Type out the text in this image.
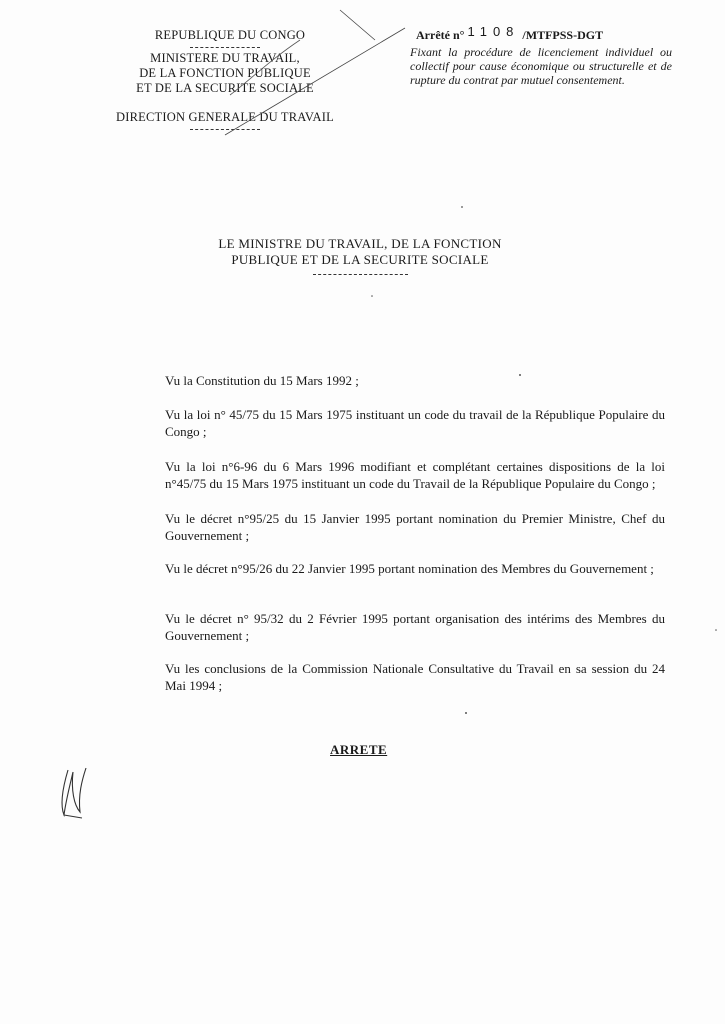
REPUBLIQUE DU CONGO
MINISTERE DU TRAVAIL,
DE LA FONCTION PUBLIQUE
ET DE LA SECURITE SOCIALE
DIRECTION GENERALE DU TRAVAIL
Arrêté n° 1108 /MTFPSS-DGT
Fixant la procédure de licenciement individuel ou collectif pour cause économique ou structurelle et de rupture du contrat par mutuel consentement.
LE MINISTRE DU TRAVAIL, DE LA FONCTION
PUBLIQUE ET DE LA SECURITE SOCIALE
Vu la Constitution du 15 Mars 1992 ;
Vu la loi n° 45/75 du 15 Mars 1975 instituant un code du travail de la République Populaire du Congo ;
Vu la loi n°6-96 du 6 Mars 1996 modifiant et complétant certaines dispositions de la loi n°45/75 du 15 Mars 1975 instituant un code du Travail de la République Populaire du Congo ;
Vu le décret n°95/25 du 15 Janvier 1995 portant nomination du Premier Ministre, Chef du Gouvernement ;
Vu le décret n°95/26 du 22 Janvier 1995 portant nomination des Membres du Gouvernement ;
Vu le décret n° 95/32 du 2 Février 1995 portant organisation des intérims des Membres du Gouvernement ;
Vu les conclusions de la Commission Nationale Consultative du Travail en sa session du 24 Mai 1994 ;
ARRETE
